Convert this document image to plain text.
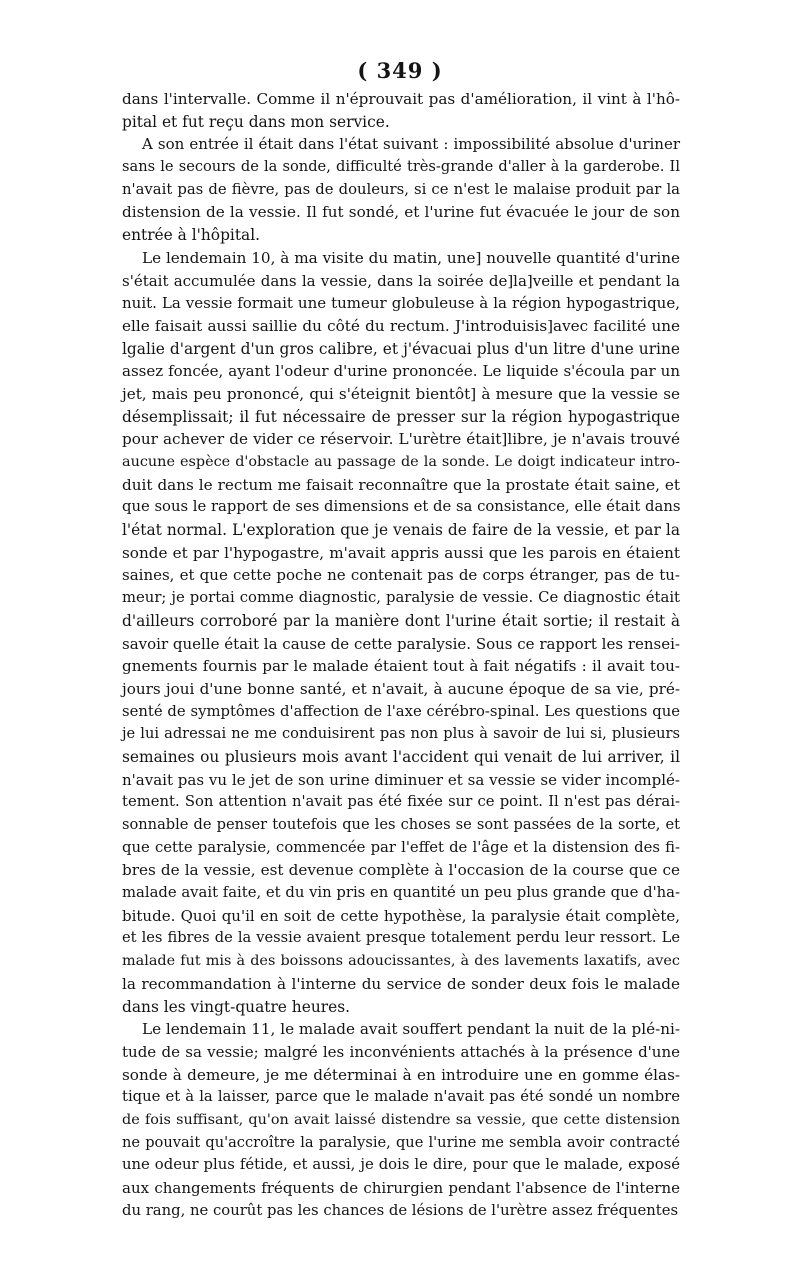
( 349 )
dans l'intervalle. Comme il n'éprouvait pas d'amélioration, il vint à l'hô-
pital et fut reçu dans mon service.
A son entrée il était dans l'état suivant : impossibilité absolue d'uriner
sans le secours de la sonde, difficulté très-grande d'aller à la garderobe. Il
n'avait pas de fièvre, pas de douleurs, si ce n'est le malaise produit par la
distension de la vessie. Il fut sondé, et l'urine fut évacuée le jour de son
entrée à l'hôpital.
Le lendemain 10, à ma visite du matin, une] nouvelle quantité d'urine
s'était accumulée dans la vessie, dans la soirée de]la]veille et pendant la
nuit. La vessie formait une tumeur globuleuse à la région hypogastrique,
elle faisait aussi saillie du côté du rectum. J'introduisis]avec facilité une
lgalie d'argent d'un gros calibre, et j'évacuai plus d'un litre d'une urine
assez foncée, ayant l'odeur d'urine prononcée. Le liquide s'écoula par un
jet, mais peu prononcé, qui s'éteignit bientôt] à mesure que la vessie se
désemplissait; il fut nécessaire de presser sur la région hypogastrique
pour achever de vider ce réservoir. L'urètre était]libre, je n'avais trouvé
aucune espèce d'obstacle au passage de la sonde. Le doigt indicateur intro-
duit dans le rectum me faisait reconnaître que la prostate était saine, et
que sous le rapport de ses dimensions et de sa consistance, elle était dans
l'état normal. L'exploration que je venais de faire de la vessie, et par la
sonde et par l'hypogastre, m'avait appris aussi que les parois en étaient
saines, et que cette poche ne contenait pas de corps étranger, pas de tu-
meur; je portai comme diagnostic, paralysie de vessie. Ce diagnostic était
d'ailleurs corroboré par la manière dont l'urine était sortie; il restait à
savoir quelle était la cause de cette paralysie. Sous ce rapport les rensei-
gnements fournis par le malade étaient tout à fait négatifs : il avait tou-
jours joui d'une bonne santé, et n'avait, à aucune époque de sa vie, pré-
senté de symptômes d'affection de l'axe cérébro-spinal. Les questions que
je lui adressai ne me conduisirent pas non plus à savoir de lui si, plusieurs
semaines ou plusieurs mois avant l'accident qui venait de lui arriver, il
n'avait pas vu le jet de son urine diminuer et sa vessie se vider incomplé-
tement. Son attention n'avait pas été fixée sur ce point. Il n'est pas dérai-
sonnable de penser toutefois que les choses se sont passées de la sorte, et
que cette paralysie, commencée par l'effet de l'âge et la distension des fi-
bres de la vessie, est devenue complète à l'occasion de la course que ce
malade avait faite, et du vin pris en quantité un peu plus grande que d'ha-
bitude. Quoi qu'il en soit de cette hypothèse, la paralysie était complète,
et les fibres de la vessie avaient presque totalement perdu leur ressort. Le
malade fut mis à des boissons adoucissantes, à des lavements laxatifs, avec
la recommandation à l'interne du service de sonder deux fois le malade
dans les vingt-quatre heures.
Le lendemain 11, le malade avait souffert pendant la nuit de la plé-ni-
tude de sa vessie; malgré les inconvénients attachés à la présence d'une
sonde à demeure, je me déterminai à en introduire une en gomme élas-
tique et à la laisser, parce que le malade n'avait pas été sondé un nombre
de fois suffisant, qu'on avait laissé distendre sa vessie, que cette distension
ne pouvait qu'accroître la paralysie, que l'urine me sembla avoir contracté
une odeur plus fétide, et aussi, je dois le dire, pour que le malade, exposé
aux changements fréquents de chirurgien pendant l'absence de l'interne
du rang, ne courût pas les chances de lésions de l'urètre assez fréquentes
